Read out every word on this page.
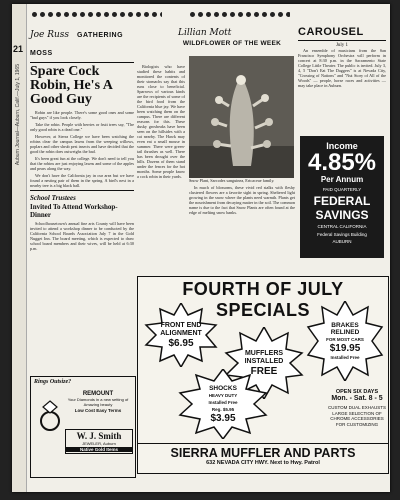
21
Auburn Journal—Auburn, Calif.—July 1, 1965
Joe Russ GATHERING MOSS
Spare Cock Robin, He's A Good Guy

Robin are like people. There's some good ones and some "bad guys" if you look closely.

Take the robin. People with berries or fruit trees say, "The only good robin is a dead one."

However, at Sierra College we have been watching the robins clear the campus lawns from the weeping willows, poplars and other shrub pest insects and have decided that the good the robin does outweighs the bad.

It's been great fun at the college. We don't need to tell you that the robins are just enjoying lawns and some of the apples and pears along the way.

We don't have the California jay in our area but we have found a nesting pair of them in the spring. A bird's nest in a nearby tree is a big black ball.

School Trustees
Invited To Attend Workshop-Dinner

Schoolhousetown's annual fine arts County will have been invited to attend a workshop dinner to be conducted by the California School Boards Association July 7 in the Gold Nugget Inn. The board meeting, which is expected to draw school board members and their wives, will be held at 6:30 p.m.

Biologists who have studied these habits and monitored the contents of their stomachs say that this runs close to beneficial. Sparrows of various kinds are the recipients of some of the bird food from the California blue jay. We have been watching them on the campus. There are different reasons for this. These dusky grosbeaks have been seen on the hillsides with a cat nearby. The Hawk may even eat a small mouse in summer. There were green-tail thrushes as well. There has been drought over the hills. Dozens of them stand under the fences for the hot months. Some people know a cock robin in their yards.

Lillian Mott
WILDFLOWER OF THE WEEK

Snow Plant, Sarcodes sanguinea, Ericaceae family.

In much of blossoms, these vivid red stalks with fleshy clustered flowers are a favorite sight in spring. Sheltered light growing in the snow where the plants need warmth. Plants get the nourishment from decaying matter in the soil. The common name is due to the fact that Snow Plants are often found at the edge of melting snow banks.

CAROUSEL
July 1

An ensemble of musicians from the San Francisco Symphony Orchestra will perform in concert at 8:30 p.m. in the Sacramento State College Little Theater. The public is invited. July 3, 4, 5 "Don't Eat The Daggers" is at Nevada City, "Crossing of Nations" and "Nut Story of All of the Woods" — people, horse races and activities — may take place in Auburn.

Income
4.85%
Per Annum
PAID QUARTERLY
FEDERAL
SAVINGS
CENTRAL CALIFORNIA
Federal Savings Building
AUBURN
FOURTH OF JULY SPECIALS
FRONT END
ALIGNMENT
$6.95
MUFFLERS
INSTALLED
FREE
BRAKES
RELINED
FOR MOST CARS
$19.95
Installed Free
SHOCKS
HEAVY DUTY
Installed Free
Reg. $5.95
$3.95
OPEN SIX DAYS
Mon. - Sat. 8 - 5
CUSTOM DUAL EXHAUSTS LARGE SELECTION OF CHROME ACCESSORIES FOR CUSTOMIZING
SIERRA MUFFLER AND PARTS
632 NEVADA CITY HWY. Next to Hwy. Patrol
Rings Outsize?
REMOUNT
Your Diamonds in a new setting of Amazing beauty
Low Cost Easy Terms
W. J. Smith
JEWELER, Auburn
Native Gold Items
